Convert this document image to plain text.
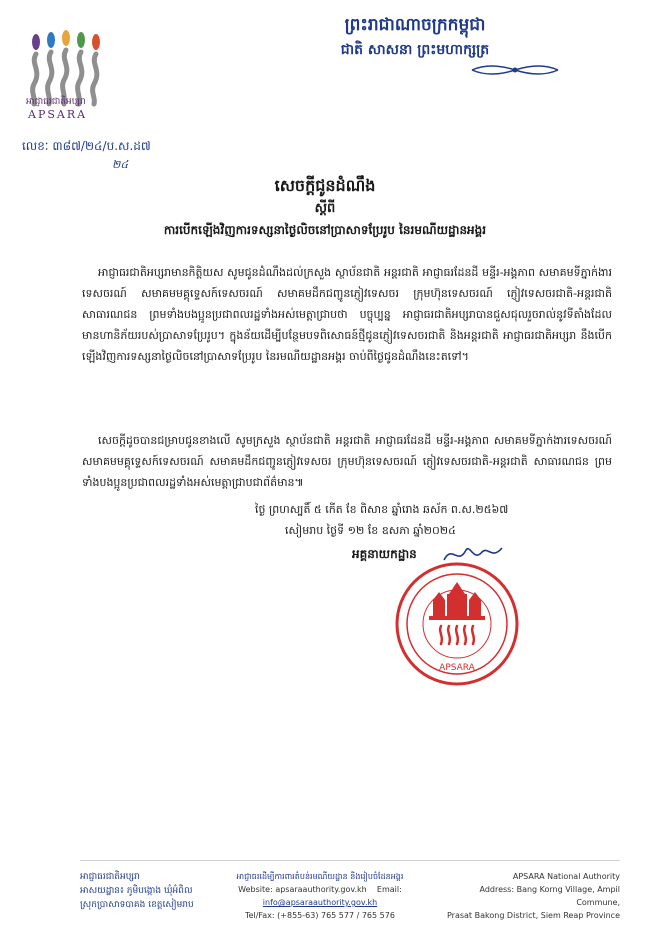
អាជ្ញាធរជាតិអប្សរា
APSARA
ព្រះរាជាណាចក្រកម្ពុជា
ជាតិ សាសនា ព្រះមហាក្សត្រ
លេខៈ ៣៨៧/២៤/ប.ស.ដ៧
២៤
សេចក្ដីជូនដំណឹង
ស្ដីពី
ការបើកឡើងវិញការទស្សនាថ្ងៃលិចនៅប្រាសាទប្រែរូប នៃរមណីយដ្ឋានអង្គរ
អាជ្ញាធរជាតិអប្សរាមានកិត្តិយស សូមជូនដំណឹងដល់ក្រសួង ស្ថាប័នជាតិ អន្តរជាតិ អាជ្ញាធរដែនដី មន្ទីរ-អង្គភាព សមាគមទីភ្នាក់ងារទេសចរណ៍ សមាគមមគ្គុទ្ទេសក៍ទេសចរណ៍ សមាគមដឹកជញ្ជូនភ្ញៀវទេសចរ ក្រុមហ៊ុនទេសចរណ៍ ភ្ញៀវទេសចរជាតិ-អន្តរជាតិ សាធារណជន ព្រមទាំងបងប្អូនប្រជាពលរដ្ឋទាំងអស់មេត្តាជ្រាបថា បច្ចុប្បន្ន អាជ្ញាធរជាតិអប្សរាបានជួសជុលរួចរាល់នូវទីតាំងដែលមានហានិភ័យរបស់ប្រាសាទប្រែរូប។ ក្នុងន័យដើម្បីបន្ថែមបទពិសោធន៍ថ្មីជូនភ្ញៀវទេសចរជាតិ និងអន្តរជាតិ អាជ្ញាធរជាតិអប្សរា នឹងបើកឡើងវិញការទស្សនាថ្ងៃលិចនៅប្រាសាទប្រែរូប នៃរមណីយដ្ឋានអង្គរ ចាប់ពីថ្ងៃជូនដំណឹងនេះតទៅ។
សេចក្ដីដូចបានជម្រាបជូនខាងលើ សូមក្រសួង ស្ថាប័នជាតិ អន្តរជាតិ អាជ្ញាធរដែនដី មន្ទីរ-អង្គភាព សមាគមទីភ្នាក់ងារទេសចរណ៍ សមាគមមគ្គុទ្ទេសក៍ទេសចរណ៍ សមាគមដឹកជញ្ជូនភ្ញៀវទេសចរ ក្រុមហ៊ុនទេសចរណ៍ ភ្ញៀវទេសចរជាតិ-អន្តរជាតិ សាធារណជន ព្រមទាំងបងប្អូនប្រជាពលរដ្ឋទាំងអស់មេត្តាជ្រាបជាព័ត៌មាន៕
ថ្ងៃ ព្រហស្បតិ៍ ៥ កើត ខែ ពិសាខ ឆ្នាំរោង ឆស័ក ព.ស.២៥៦៧
សៀមរាប ថ្ងៃទី ១២ ខែ ឧសភា ឆ្នាំ២០២៤
អគ្គនាយកដ្ឋាន
APSARA
អាជ្ញាធរជាតិអប្សរា
អាសយដ្ឋាន៖ ភូមិបង្កោង ឃុំអំពិល
ស្រុកប្រាសាទបាគង ខេត្តសៀមរាប
អាជ្ញាធរដើម្បីការពារតំបន់រមណីយដ្ឋាន និងរៀបចំដែនអង្គរ
Website: apsaraauthority.gov.kh Email: info@apsaraauthority.gov.kh
Tel/Fax: (+855-63) 765 577 / 765 576
APSARA National Authority
Address: Bang Korng Village, Ampil Commune,
Prasat Bakong District, Siem Reap Province
